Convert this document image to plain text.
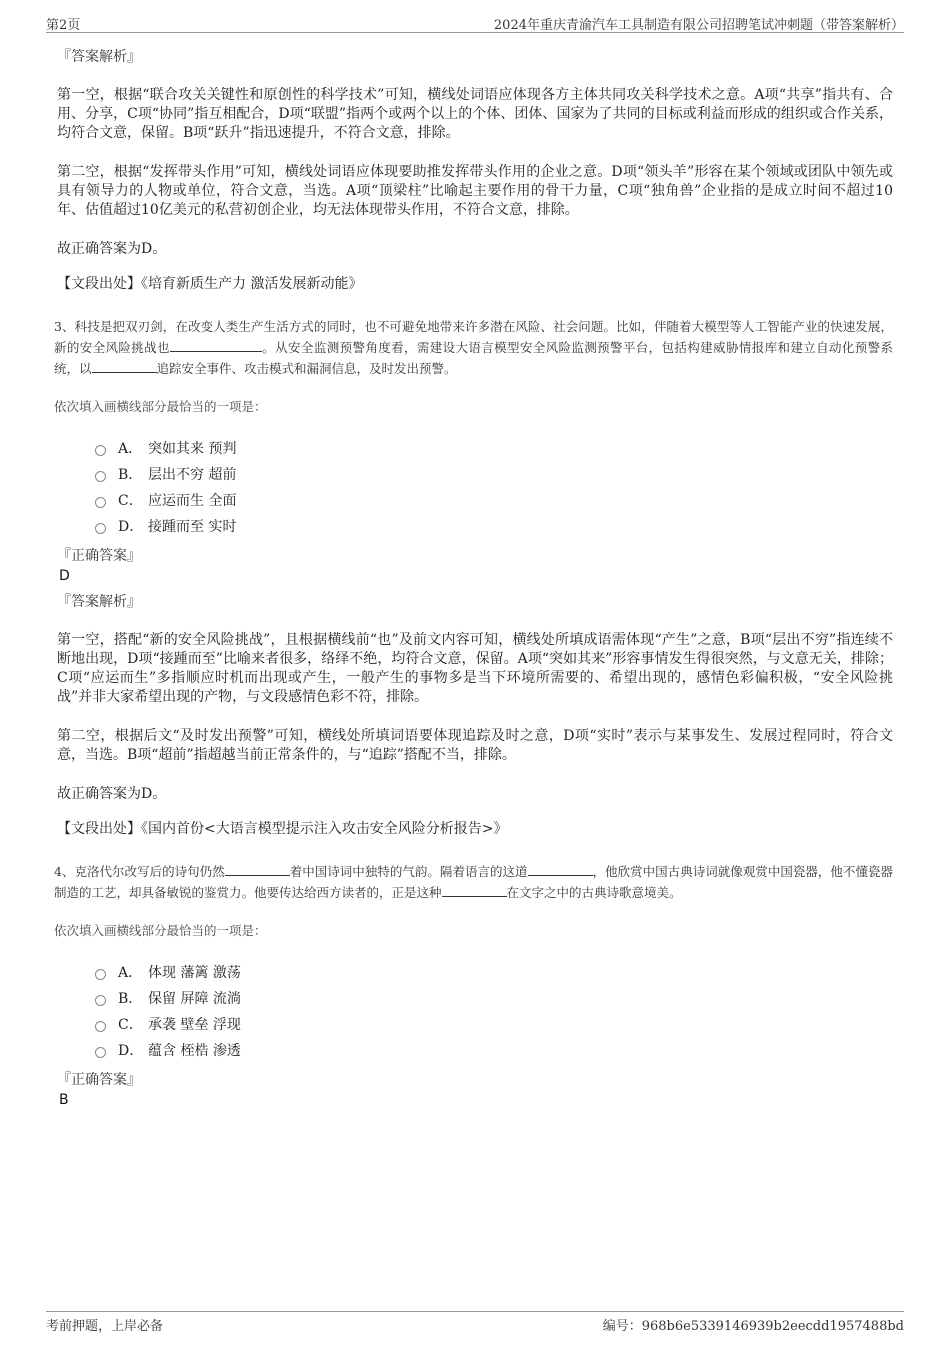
第2页	2024年重庆青渝汽车工具制造有限公司招聘笔试冲刺题（带答案解析）
『答案解析』

第一空，根据“联合攻关关键性和原创性的科学技术”可知，横线处词语应体现各方主体共同攻关科学技术之意。A项“共享”指共有、合用、分享，C项“协同”指互相配合，D项“联盟”指两个或两个以上的个体、团体、国家为了共同的目标或利益而形成的组织或合作关系，均符合文意，保留。B项“跃升”指迅速提升，不符合文意，排除。

第二空，根据“发挥带头作用”可知，横线处词语应体现要助推发挥带头作用的企业之意。D项“领头羊”形容在某个领域或团队中领先或具有领导力的人物或单位，符合文意，当选。A项“顶梁柱”比喻起主要作用的骨干力量，C项“独角兽”企业指的是成立时间不超过10年、估值超过10亿美元的私营初创企业，均无法体现带头作用，不符合文意，排除。

故正确答案为D。

【文段出处】《培育新质生产力 激活发展新动能》

3、科技是把双刃剑，在改变人类生产生活方式的同时，也不可避免地带来许多潜在风险、社会问题。比如，伴随着大模型等人工智能产业的快速发展，新的安全风险挑战也	。从安全监测预警角度看，需建设大语言模型安全风险监测预警平台，包括构建威胁情报库和建立自动化预警系统，以	追踪安全事件、攻击模式和漏洞信息，及时发出预警。

依次填入画横线部分最恰当的一项是：
A． 突如其来 预判
B． 层出不穷 超前
C． 应运而生 全面
D． 接踵而至 实时
『正确答案』
D
『答案解析』

第一空，搭配“新的安全风险挑战”，且根据横线前“也”及前文内容可知，横线处所填成语需体现“产生”之意，B项“层出不穷”指连续不断地出现，D项“接踵而至”比喻来者很多，络绎不绝，均符合文意，保留。A项“突如其来”形容事情发生得很突然，与文意无关，排除；C项“应运而生”多指顺应时机而出现或产生，一般产生的事物多是当下环境所需要的、希望出现的，感情色彩偏积极，“安全风险挑战”并非大家希望出现的产物，与文段感情色彩不符，排除。

第二空，根据后文“及时发出预警”可知，横线处所填词语要体现追踪及时之意，D项“实时”表示与某事发生、发展过程同时，符合文意，当选。B项“超前”指超越当前正常条件的，与“追踪”搭配不当，排除。

故正确答案为D。

【文段出处】《国内首份<大语言模型提示注入攻击安全风险分析报告>》

4、克洛代尔改写后的诗句仍然	着中国诗词中独特的气韵。隔着语言的这道	，他欣赏中国古典诗词就像观赏中国瓷器，他不懂瓷器制造的工艺，却具备敏锐的鉴赏力。他要传达给西方读者的，正是这种	在文字之中的古典诗歌意境美。

依次填入画横线部分最恰当的一项是：
A． 体现 藩篱 激荡
B． 保留 屏障 流淌
C． 承袭 壁垒 浮现
D． 蕴含 桎梏 渗透
『正确答案』
B
考前押题，上岸必备	编号：968b6e5339146939b2eecdd1957488bd
